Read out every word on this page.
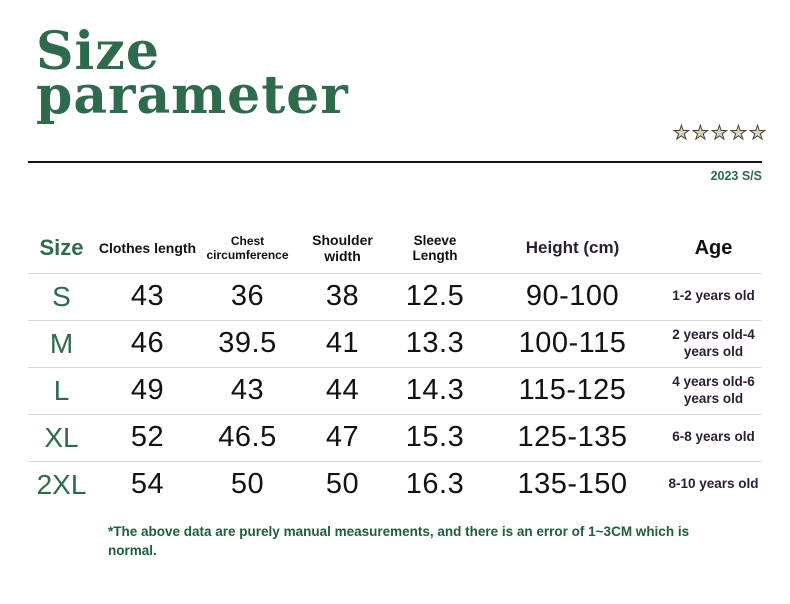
Size
parameter
★★★★★
2023 S/S
Size	Clothes length	Chest circumference	Shoulder width	Sleeve Length	Height (cm)	Age
S	43	36	38	12.5	90-100	1-2 years old
M	46	39.5	41	13.3	100-115	2 years old-4 years old
L	49	43	44	14.3	115-125	4 years old-6 years old
XL	52	46.5	47	15.3	125-135	6-8 years old
2XL	54	50	50	16.3	135-150	8-10 years old
*The above data are purely manual measurements, and there is an error of 1~3CM which is normal.
